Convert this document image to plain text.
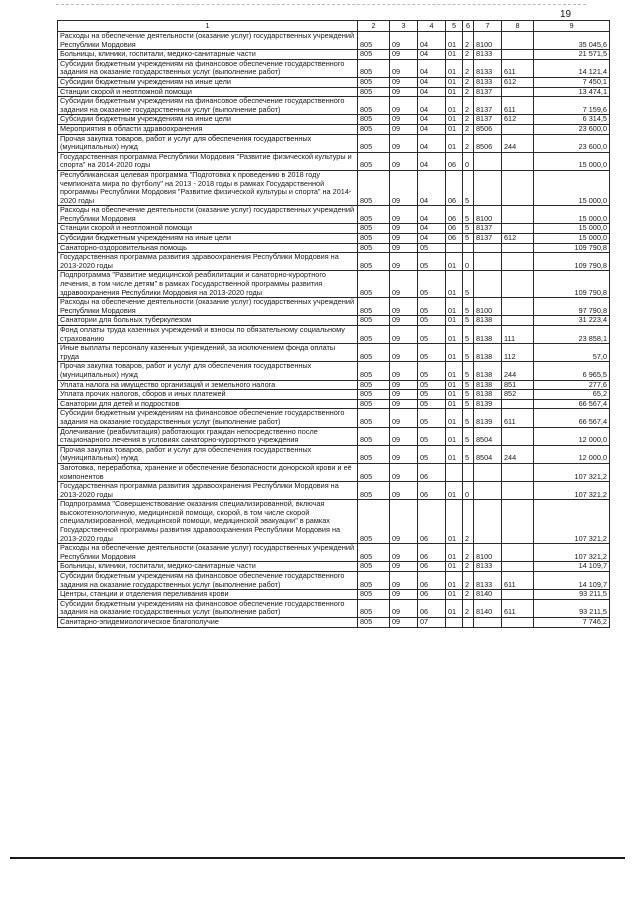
19
1	2	3	4	5	6	7	8	9
Расходы на обеспечение деятельности (оказание услуг) государственных учреждений Республики Мордовия	805	09	04	01	2	8100		35 045,6
Больницы, клиники, госпитали, медико-санитарные части	805	09	04	01	2	8133		21 571,5
Субсидии бюджетным учреждениям на финансовое обеспечение государственного задания на оказание государственных услуг (выполнение работ)	805	09	04	01	2	8133	611	14 121,4
Субсидии бюджетным учреждениям на иные цели	805	09	04	01	2	8133	612	7 450,1
Станции скорой и неотложной помощи	805	09	04	01	2	8137		13 474,1
Субсидии бюджетным учреждениям на финансовое обеспечение государственного задания на оказание государственных услуг (выполнение работ)	805	09	04	01	2	8137	611	7 159,6
Субсидии бюджетным учреждениям на иные цели	805	09	04	01	2	8137	612	6 314,5
Мероприятия в области здравоохранения	805	09	04	01	2	8506		23 600,0
Прочая закупка товаров, работ и услуг для обеспечения государственных (муниципальных) нужд	805	09	04	01	2	8506	244	23 600,0
Государственная программа Республики Мордовия "Развитие физической культуры и спорта" на 2014-2020 годы	805	09	04	06	0			15 000,0
Республиканская целевая программа "Подготовка к проведению в 2018 году чемпионата мира по футболу" на 2013 - 2018 годы в рамках Государственной программы Республики Мордовия "Развитие физической культуры и спорта" на 2014-2020 годы	805	09	04	06	5			15 000,0
Расходы на обеспечение деятельности (оказание услуг) государственных учреждений Республики Мордовия	805	09	04	06	5	8100		15 000,0
Станции скорой и неотложной помощи	805	09	04	06	5	8137		15 000,0
Субсидии бюджетным учреждениям на иные цели	805	09	04	06	5	8137	612	15 000,0
Санаторно-оздоровительная помощь	805	09	05					109 790,8
Государственная программа развития здравоохранения Республики Мордовия на 2013-2020 годы	805	09	05	01	0			109 790,8
Подпрограмма "Развитие медицинской реабилитации и санаторно-курортного лечения, в том числе детям" в рамках Государственной программы развития здравоохранения Республики Мордовия на 2013-2020 годы	805	09	05	01	5			109 790,8
Расходы на обеспечение деятельности (оказание услуг) государственных учреждений Республики Мордовия	805	09	05	01	5	8100		97 790,8
Санатории для больных туберкулезом	805	09	05	01	5	8138		31 223,4
Фонд оплаты труда казенных учреждений и взносы по обязательному социальному страхованию	805	09	05	01	5	8138	111	23 858,1
Иные выплаты персоналу казенных учреждений, за исключением фонда оплаты труда	805	09	05	01	5	8138	112	57,0
Прочая закупка товаров, работ и услуг для обеспечения государственных (муниципальных) нужд	805	09	05	01	5	8138	244	6 965,5
Уплата налога на имущество организаций и земельного налога	805	09	05	01	5	8138	851	277,6
Уплата прочих налогов, сборов и иных платежей	805	09	05	01	5	8138	852	65,2
Санатории для детей и подростков	805	09	05	01	5	8139		66 567,4
Субсидии бюджетным учреждениям на финансовое обеспечение государственного задания на оказание государственных услуг (выполнение работ)	805	09	05	01	5	8139	611	66 567,4
Долечивание (реабилитация) работающих граждан непосредственно после стационарного лечения в условиях санаторно-курортного учреждения	805	09	05	01	5	8504		12 000,0
Прочая закупка товаров, работ и услуг для обеспечения государственных (муниципальных) нужд	805	09	05	01	5	8504	244	12 000,0
Заготовка, переработка, хранение и обеспечение безопасности донорской крови и её компонентов	805	09	06					107 321,2
Государственная программа развития здравоохранения Республики Мордовия на 2013-2020 годы	805	09	06	01	0			107 321,2
Подпрограмма "Совершенствование оказания специализированной, включая высокотехнологичную, медицинской помощи, скорой, в том числе скорой специализированной, медицинской помощи, медицинской эвакуации" в рамках Государственной программы развития здравоохранения Республики Мордовия на 2013-2020 годы	805	09	06	01	2			107 321,2
Расходы на обеспечение деятельности (оказание услуг) государственных учреждений Республики Мордовия	805	09	06	01	2	8100		107 321,2
Больницы, клиники, госпитали, медико-санитарные части	805	09	06	01	2	8133		14 109,7
Субсидии бюджетным учреждениям на финансовое обеспечение государственного задания на оказание государственных услуг (выполнение работ)	805	09	06	01	2	8133	611	14 109,7
Центры, станции и отделения переливания крови	805	09	06	01	2	8140		93 211,5
Субсидии бюджетным учреждениям на финансовое обеспечение государственного задания на оказание государственных услуг (выполнение работ)	805	09	06	01	2	8140	611	93 211,5
Санитарно-эпидемиологическое благополучие	805	09	07					7 746,2
